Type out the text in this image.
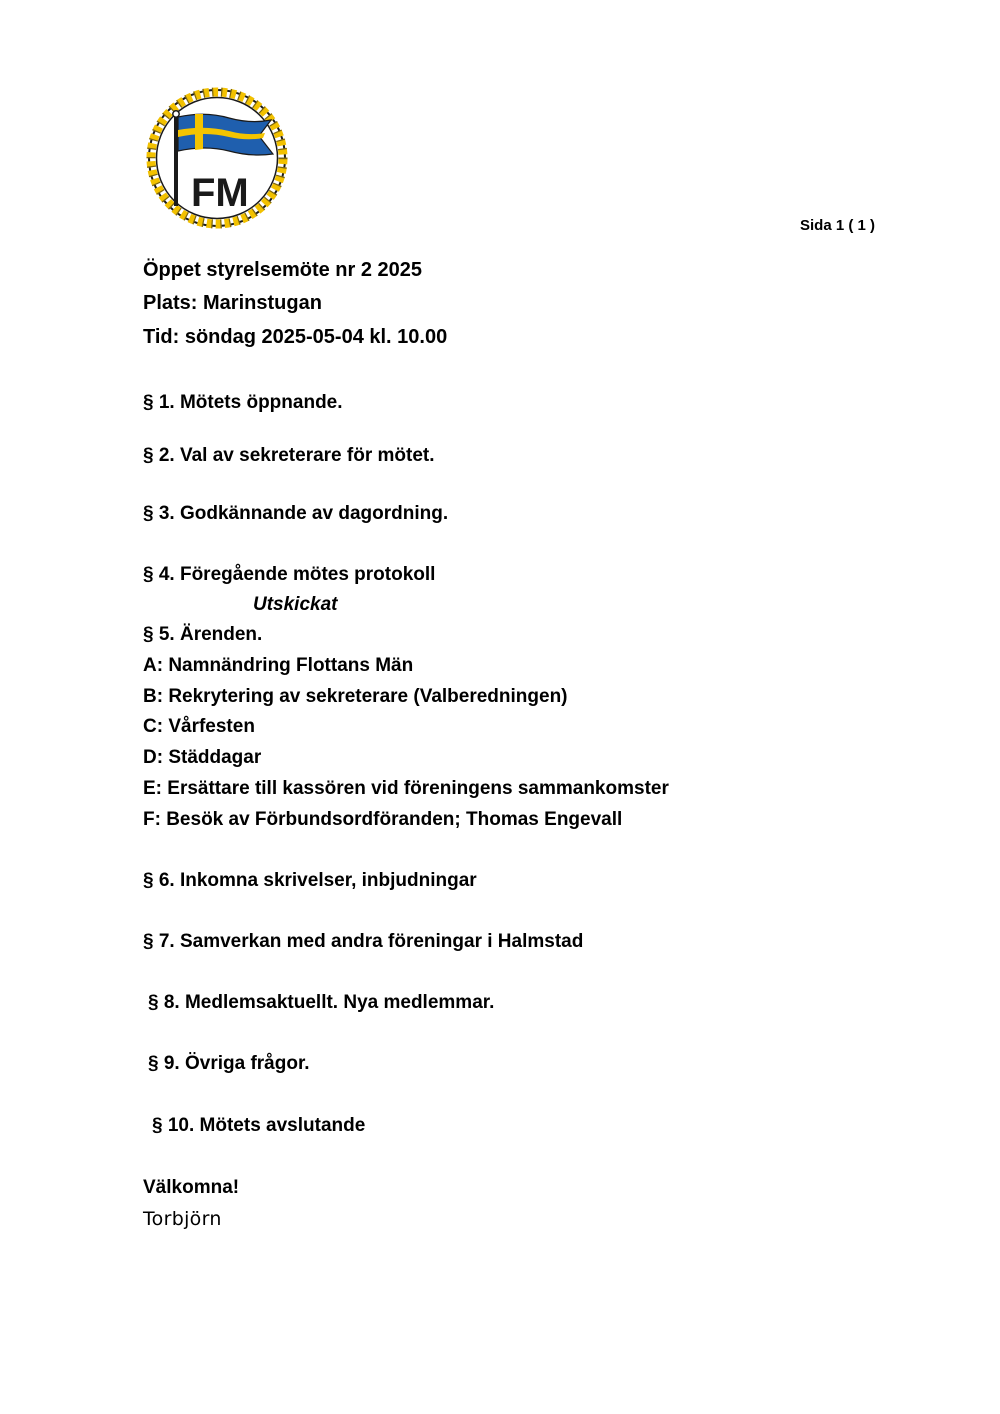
FM
Sida 1 ( 1 )
Öppet styrelsemöte nr 2 2025
Plats: Marinstugan
Tid: söndag 2025-05-04 kl. 10.00
§ 1. Mötets öppnande.
§ 2. Val av sekreterare för mötet.
§ 3. Godkännande av dagordning.
§ 4. Föregående mötes protokoll
Utskickat
§ 5. Ärenden.
A: Namnändring Flottans Män
B: Rekrytering av sekreterare (Valberedningen)
C: Vårfesten
D: Städdagar
E: Ersättare till kassören vid föreningens sammankomster
F: Besök av Förbundsordföranden; Thomas Engevall
§ 6. Inkomna skrivelser, inbjudningar
§ 7. Samverkan med andra föreningar i Halmstad
§ 8. Medlemsaktuellt. Nya medlemmar.
§ 9. Övriga frågor.
§ 10. Mötets avslutande
Välkomna!
Torbjörn
